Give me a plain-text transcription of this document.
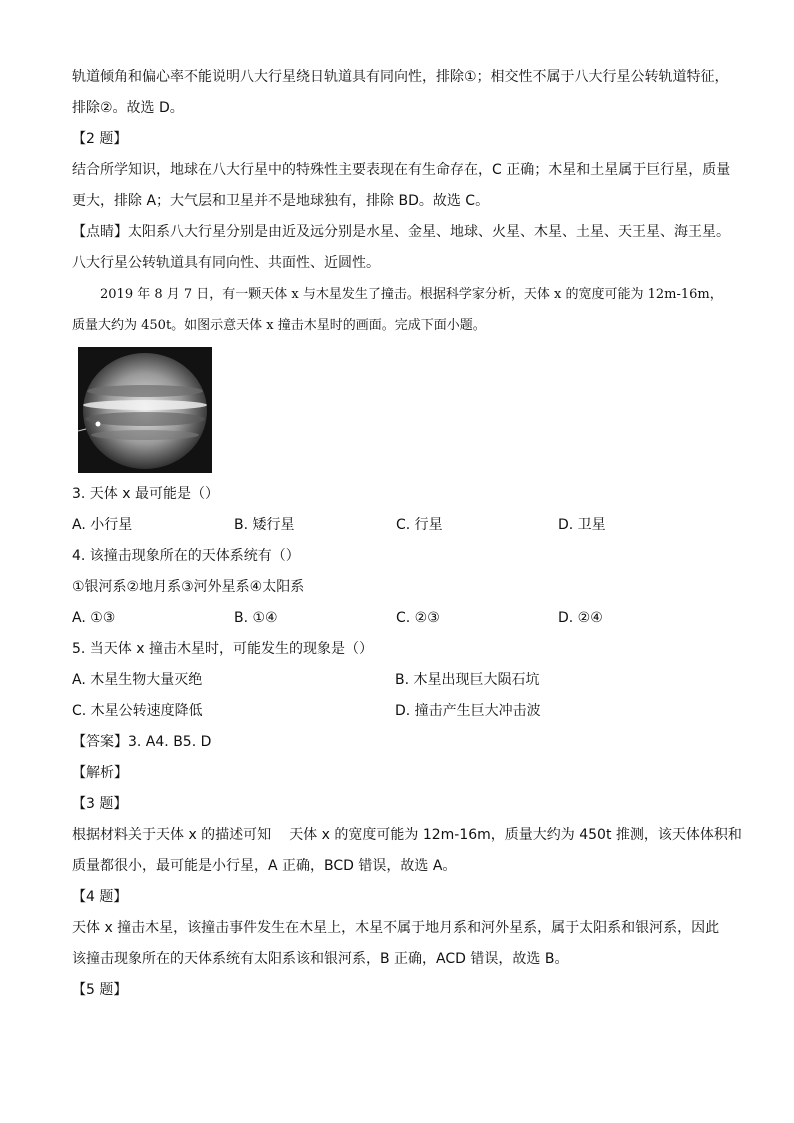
轨道倾角和偏心率不能说明八大行星绕日轨道具有同向性，排除①；相交性不属于八大行星公转轨道特征，
排除②。故选 D。
【2 题】
结合所学知识，地球在八大行星中的特殊性主要表现在有生命存在，C 正确；木星和土星属于巨行星，质量
更大，排除 A；大气层和卫星并不是地球独有，排除 BD。故选 C。
【点睛】太阳系八大行星分别是由近及远分别是水星、金星、地球、火星、木星、土星、天王星、海王星。
八大行星公转轨道具有同向性、共面性、近圆性。
2019 年 8 月 7 日，有一颗天体 x 与木星发生了撞击。根据科学家分析，天体 x 的宽度可能为 12m-16m，
质量大约为 450t。如图示意天体 x 撞击木星时的画面。完成下面小题。
3. 天体 x 最可能是（）
A. 小行星	B. 矮行星	C. 行星	D. 卫星
4. 该撞击现象所在的天体系统有（）
①银河系②地月系③河外星系④太阳系
A. ①③	B. ①④	C. ②③	D. ②④
5. 当天体 x 撞击木星时，可能发生的现象是（）
A. 木星生物大量灭绝	B. 木星出现巨大陨石坑
C. 木星公转速度降低	D. 撞击产生巨大冲击波
【答案】3. A4. B5. D
【解析】
【3 题】
根据材料关于天体 x 的描述可知 天体 x 的宽度可能为 12m-16m，质量大约为 450t 推测，该天体体积和
质量都很小，最可能是小行星，A 正确，BCD 错误，故选 A。
【4 题】
天体 x 撞击木星，该撞击事件发生在木星上，木星不属于地月系和河外星系，属于太阳系和银河系，因此
该撞击现象所在的天体系统有太阳系该和银河系，B 正确，ACD 错误，故选 B。
【5 题】
